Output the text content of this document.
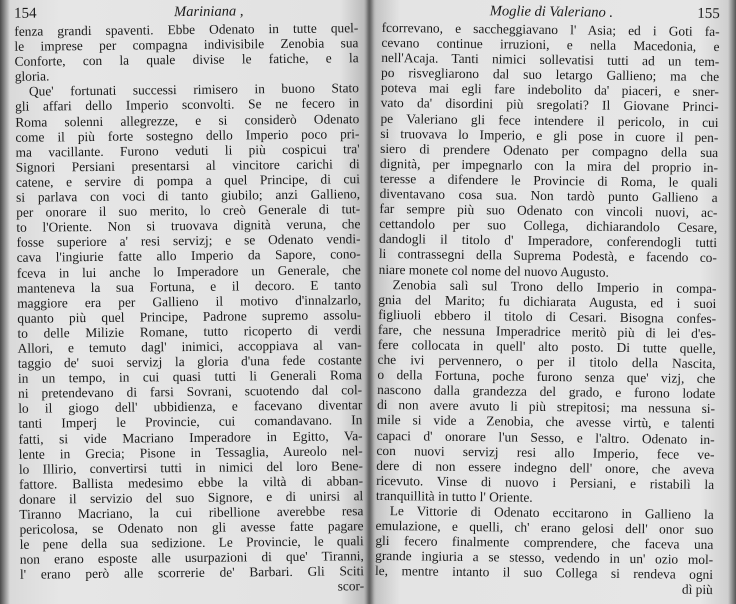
154	Mariniana ,
fenza grandi spaventi. Ebbe Odenato in tutte quel-
le imprese per compagna indivisibile Zenobia sua
Conforte, con la quale divise le fatiche, e la
gloria.
Que' fortunati successi rimisero in buono Stato
gli affari dello Imperio sconvolti. Se ne fecero in
Roma solenni allegrezze, e si considerò Odenato
come il più forte sostegno dello Imperio poco pri-
ma vacillante. Furono veduti li più cospicui tra'
Signori Persiani presentarsi al vincitore carichi di
catene, e servire di pompa a quel Principe, di cui
si parlava con voci di tanto giubilo; anzi Gallieno,
per onorare il suo merito, lo creò Generale di tut-
to l'Oriente. Non si truovava dignità veruna, che
fosse superiore a' resi servizj; e se Odenato vendi-
cava l'ingiurie fatte allo Imperio da Sapore, cono-
fceva in lui anche lo Imperadore un Generale, che
manteneva la sua Fortuna, e il decoro. E tanto
maggiore era per Gallieno il motivo d'innalzarlo,
quanto più quel Principe, Padrone supremo assolu-
to delle Milizie Romane, tutto ricoperto di verdi
Allori, e temuto dagl' inimici, accoppiava al van-
taggio de' suoi servizj la gloria d'una fede costante
in un tempo, in cui quasi tutti li Generali Roma
ni pretendevano di farsi Sovrani, scuotendo dal col-
lo il giogo dell' ubbidienza, e facevano diventar
tanti Imperj le Provincie, cui comandavano. In
fatti, si vide Macriano Imperadore in Egitto, Va-
lente in Grecia; Pisone in Tessaglia, Aureolo nel-
lo Illirio, convertirsi tutti in nimici del loro Bene-
fattore. Ballista medesimo ebbe la viltà di abban-
donare il servizio del suo Signore, e di unirsi al
Tiranno Macriano, la cui ribellione averebbe resa
pericolosa, se Odenato non gli avesse fatte pagare
le pene della sua sedizione. Le Provincie, le quali
non erano esposte alle usurpazioni di que' Tiranni,
l' erano però alle scorrerie de' Barbari. Gli Sciti
scor-
Moglie di Valeriano .	155
fcorrevano, e saccheggiavano l' Asia; ed i Goti fa-
cevano continue irruzioni, e nella Macedonia, e
nell'Acaja. Tanti nimici sollevatisi tutti ad un tem-
po risvegliarono dal suo letargo Gallieno; ma che
poteva mai egli fare indebolito da' piaceri, e sner-
vato da' disordini più sregolati? Il Giovane Princi-
pe Valeriano gli fece intendere il pericolo, in cui
si truovava lo Imperio, e gli pose in cuore il pen-
siero di prendere Odenato per compagno della sua
dignità, per impegnarlo con la mira del proprio in-
teresse a difendere le Provincie di Roma, le quali
diventavano cosa sua. Non tardò punto Gallieno a
far sempre più suo Odenato con vincoli nuovi, ac-
cettandolo per suo Collega, dichiarandolo Cesare,
dandogli il titolo d' Imperadore, conferendogli tutti
li contrassegni della Suprema Podestà, e facendo co-
niare monete col nome del nuovo Augusto.
Zenobia salì sul Trono dello Imperio in compa-
gnia del Marito; fu dichiarata Augusta, ed i suoi
figliuoli ebbero il titolo di Cesari. Bisogna confes-
fare, che nessuna Imperadrice meritò più di lei d'es-
fere collocata in quell' alto posto. Di tutte quelle,
che ivi pervennero, o per il titolo della Nascita,
o della Fortuna, poche furono senza que' vizj, che
nascono dalla grandezza del grado, e furono lodate
di non avere avuto li più strepitosi; ma nessuna si-
mile si vide a Zenobia, che avesse virtù, e talenti
capaci d' onorare l'un Sesso, e l'altro. Odenato in-
con nuovi servizj resi allo Imperio, fece ve-
dere di non essere indegno dell' onore, che aveva
ricevuto. Vinse di nuovo i Persiani, e ristabilì la
tranquillità in tutto l' Oriente.
Le Vittorie di Odenato eccitarono in Gallieno la
emulazione, e quelli, ch' erano gelosi dell' onor suo
gli fecero finalmente comprendere, che faceva una
grande ingiuria a se stesso, vedendo in un' ozio mol-
le, mentre intanto il suo Collega si rendeva ogni
dì più
